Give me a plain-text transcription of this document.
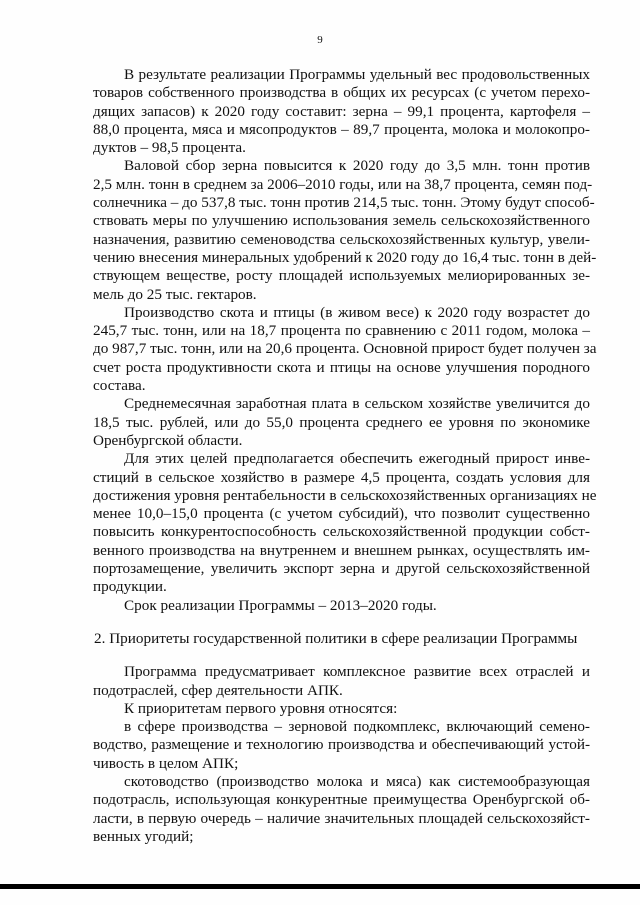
9
В результате реализации Программы удельный вес продовольственных
товаров собственного производства в общих их ресурсах (с учетом перехо-
дящих запасов) к 2020 году составит: зерна – 99,1 процента, картофеля –
88,0 процента, мяса и мясопродуктов – 89,7 процента, молока и молокопро-
дуктов – 98,5 процента.
Валовой сбор зерна повысится к 2020 году до 3,5 млн. тонн против
2,5 млн. тонн в среднем за 2006–2010 годы, или на 38,7 процента, семян под-
солнечника – до 537,8 тыс. тонн против 214,5 тыс. тонн. Этому будут способ-
ствовать меры по улучшению использования земель сельскохозяйственного
назначения, развитию семеноводства сельскохозяйственных культур, увели-
чению внесения минеральных удобрений к 2020 году до 16,4 тыс. тонн в дей-
ствующем веществе, росту площадей используемых мелиорированных зе-
мель до 25 тыс. гектаров.
Производство скота и птицы (в живом весе) к 2020 году возрастет до
245,7 тыс. тонн, или на 18,7 процента по сравнению с 2011 годом, молока –
до 987,7 тыс. тонн, или на 20,6 процента. Основной прирост будет получен за
счет роста продуктивности скота и птицы на основе улучшения породного
состава.
Среднемесячная заработная плата в сельском хозяйстве увеличится до
18,5 тыс. рублей, или до 55,0 процента среднего ее уровня по экономике
Оренбургской области.
Для этих целей предполагается обеспечить ежегодный прирост инве-
стиций в сельское хозяйство в размере 4,5 процента, создать условия для
достижения уровня рентабельности в сельскохозяйственных организациях не
менее 10,0–15,0 процента (с учетом субсидий), что позволит существенно
повысить конкурентоспособность сельскохозяйственной продукции собст-
венного производства на внутреннем и внешнем рынках, осуществлять им-
портозамещение, увеличить экспорт зерна и другой сельскохозяйственной
продукции.
Срок реализации Программы – 2013–2020 годы.
2. Приоритеты государственной политики в сфере реализации Программы
Программа предусматривает комплексное развитие всех отраслей и
подотраслей, сфер деятельности АПК.
К приоритетам первого уровня относятся:
в сфере производства – зерновой подкомплекс, включающий семено-
водство, размещение и технологию производства и обеспечивающий устой-
чивость в целом АПК;
скотоводство (производство молока и мяса) как системообразующая
подотрасль, использующая конкурентные преимущества Оренбургской об-
ласти, в первую очередь – наличие значительных площадей сельскохозяйст-
венных угодий;
